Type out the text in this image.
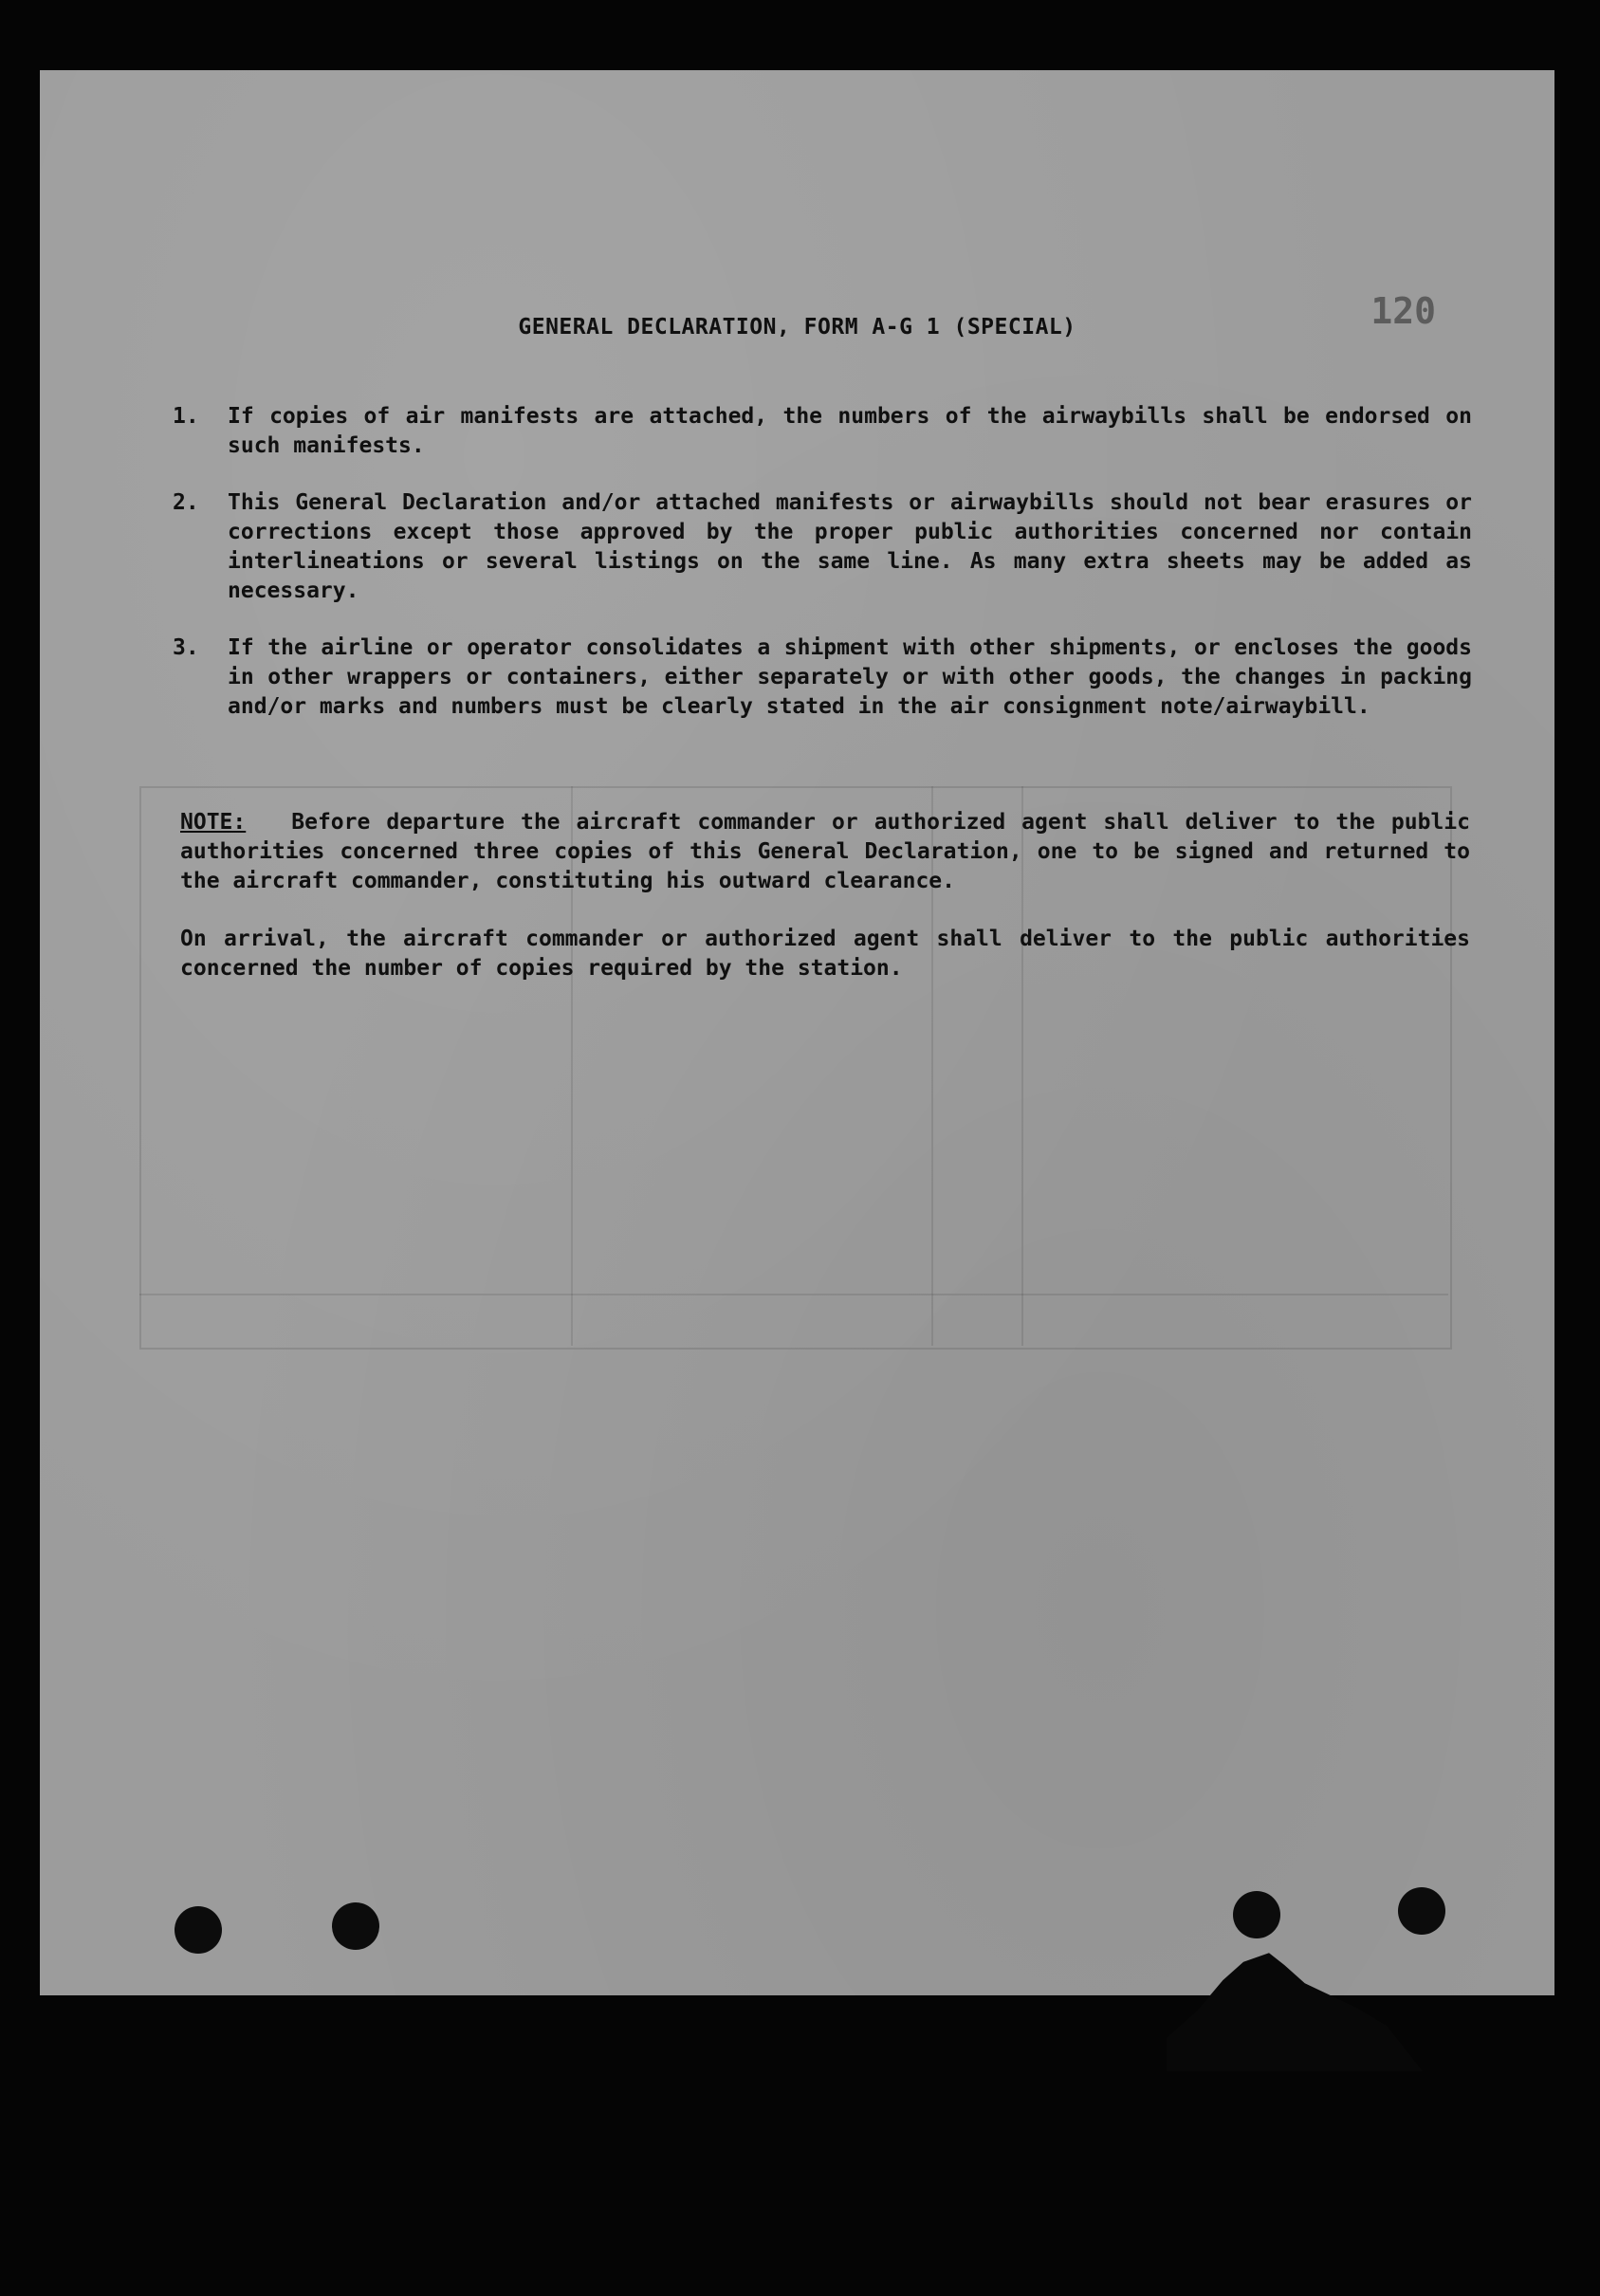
120
GENERAL DECLARATION, FORM A-G 1 (SPECIAL)
1.	If copies of air manifests are attached, the numbers of the airwaybills shall be endorsed on such manifests.
2.	This General Declaration and/or attached manifests or airwaybills should not bear erasures or corrections except those approved by the proper public authorities concerned nor contain interlineations or several listings on the same line. As many extra sheets may be added as necessary.
3.	If the airline or operator consolidates a shipment with other shipments, or encloses the goods in other wrappers or containers, either separately or with other goods, the changes in packing and/or marks and numbers must be clearly stated in the air consignment note/airwaybill.

NOTE: Before departure the aircraft commander or authorized agent shall deliver to the public authorities concerned three copies of this General Declaration, one to be signed and returned to the aircraft commander, constituting his outward clearance.

On arrival, the aircraft commander or authorized agent shall deliver to the public authorities concerned the number of copies required by the station.
